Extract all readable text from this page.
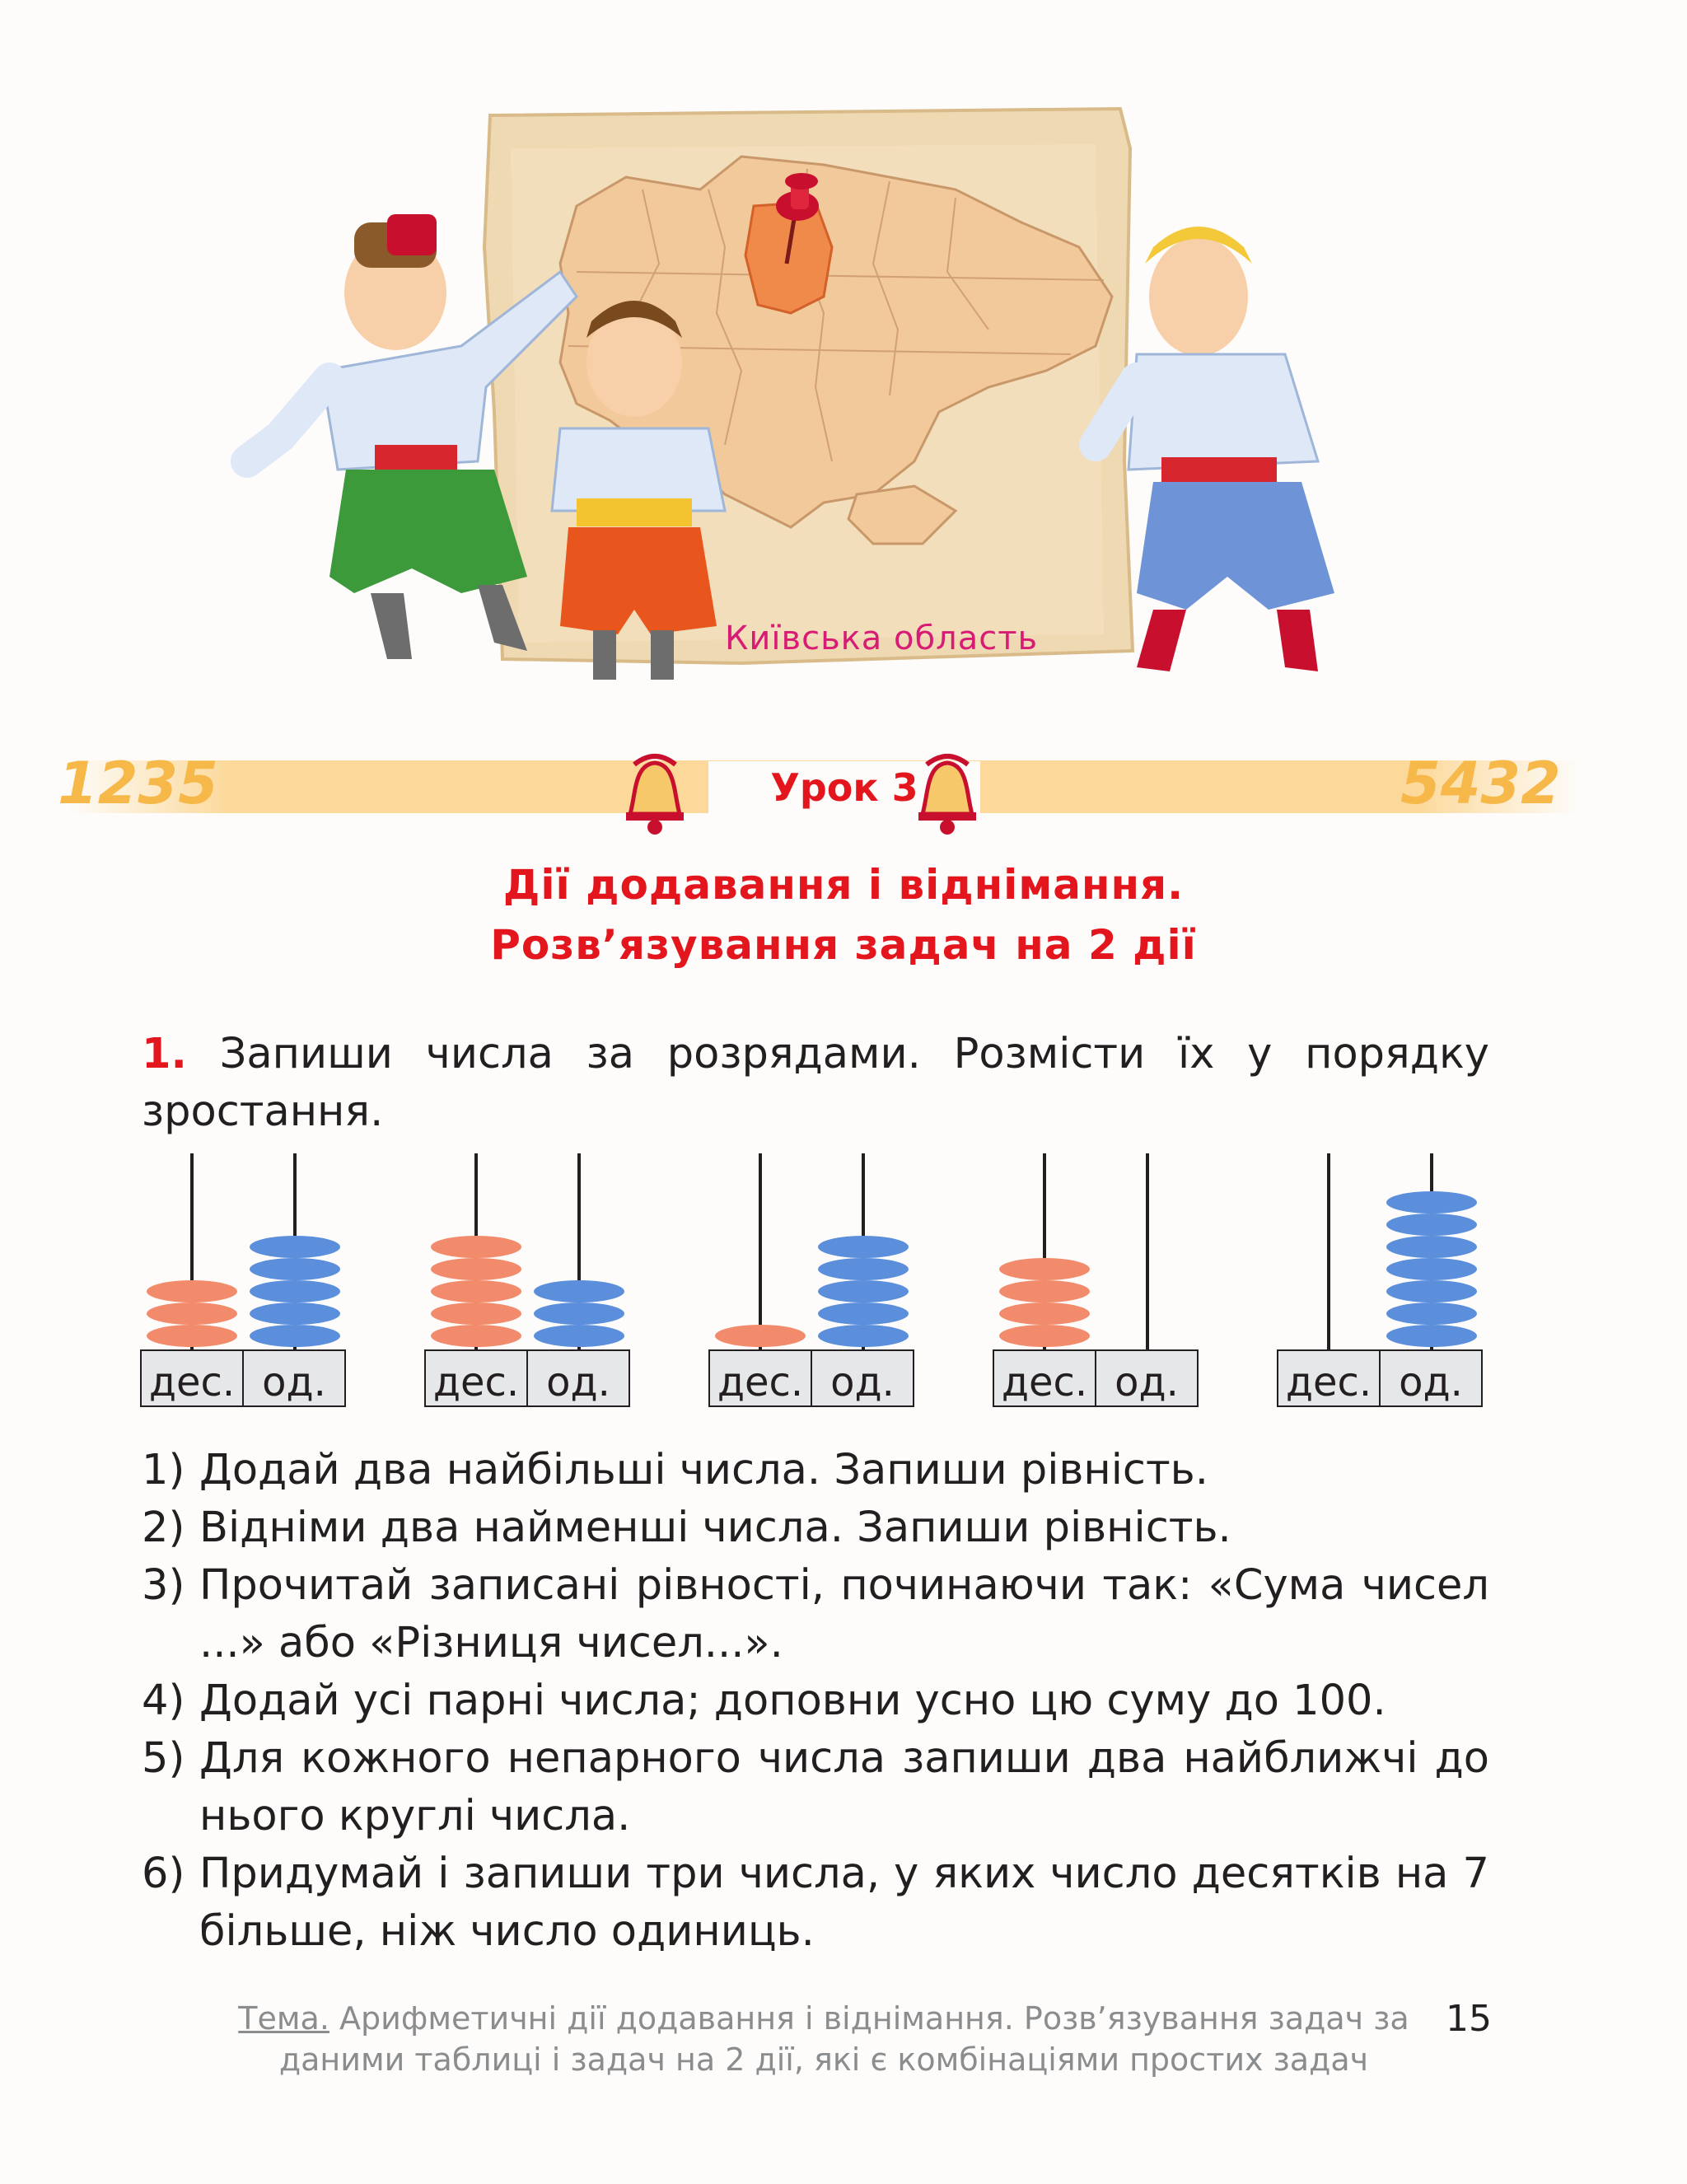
Київська область
1235	5432
Урок 3
Дії додавання і віднімання.
Розвʼязування задач на 2 дії
1. Запиши числа за розрядами. Розмісти їх у порядку зростання.
дес. од.	дес. од.	дес. од.	дес. од.	дес. од.
1) Додай два найбільші числа. Запиши рівність.
2) Відніми два найменші числа. Запиши рівність.
3) Прочитай записані рівності, починаючи так: «Сума чисел ...» або «Різниця чисел...».
4) Додай усі парні числа; доповни усно цю суму до 100.
5) Для кожного непарного числа запиши два найближчі до нього круглі числа.
6) Придумай і запиши три числа, у яких число десятків на 7 більше, ніж число одиниць.
Тема. Арифметичні дії додавання і віднімання. Розвʼязування задач за даними таблиці і задач на 2 дії, які є комбінаціями простих задач
15
